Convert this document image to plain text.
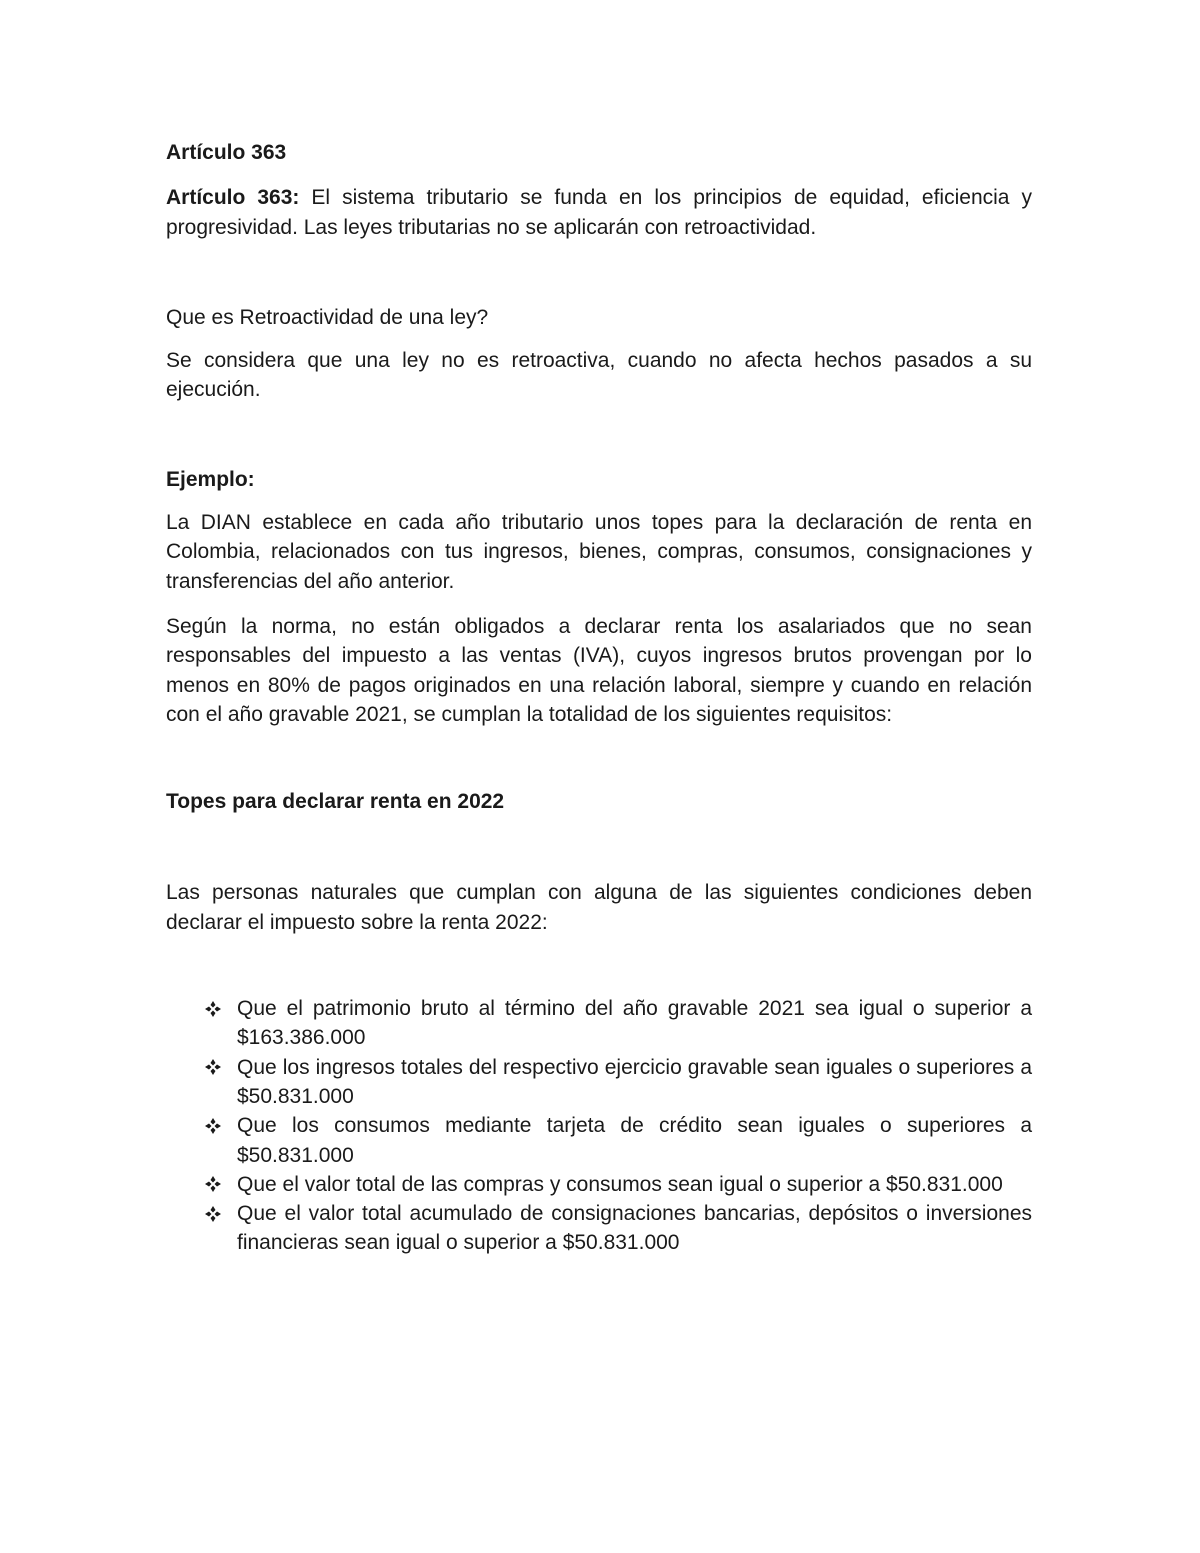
Artículo 363

Artículo 363: El sistema tributario se funda en los principios de equidad, eficiencia y progresividad. Las leyes tributarias no se aplicarán con retroactividad.

Que es Retroactividad de una ley?

Se considera que una ley no es retroactiva, cuando no afecta hechos pasados a su ejecución.

Ejemplo:

La DIAN establece en cada año tributario unos topes para la declaración de renta en Colombia, relacionados con tus ingresos, bienes, compras, consumos, consignaciones y transferencias del año anterior.

Según la norma, no están obligados a declarar renta los asalariados que no sean responsables del impuesto a las ventas (IVA), cuyos ingresos brutos provengan por lo menos en 80% de pagos originados en una relación laboral, siempre y cuando en relación con el año gravable 2021, se cumplan la totalidad de los siguientes requisitos:

Topes para declarar renta en 2022

Las personas naturales que cumplan con alguna de las siguientes condiciones deben declarar el impuesto sobre la renta 2022:

Que el patrimonio bruto al término del año gravable 2021 sea igual o superior a $163.386.000
Que los ingresos totales del respectivo ejercicio gravable sean iguales o superiores a $50.831.000
Que los consumos mediante tarjeta de crédito sean iguales o superiores a $50.831.000
Que el valor total de las compras y consumos sean igual o superior a $50.831.000
Que el valor total acumulado de consignaciones bancarias, depósitos o inversiones financieras sean igual o superior a $50.831.000
